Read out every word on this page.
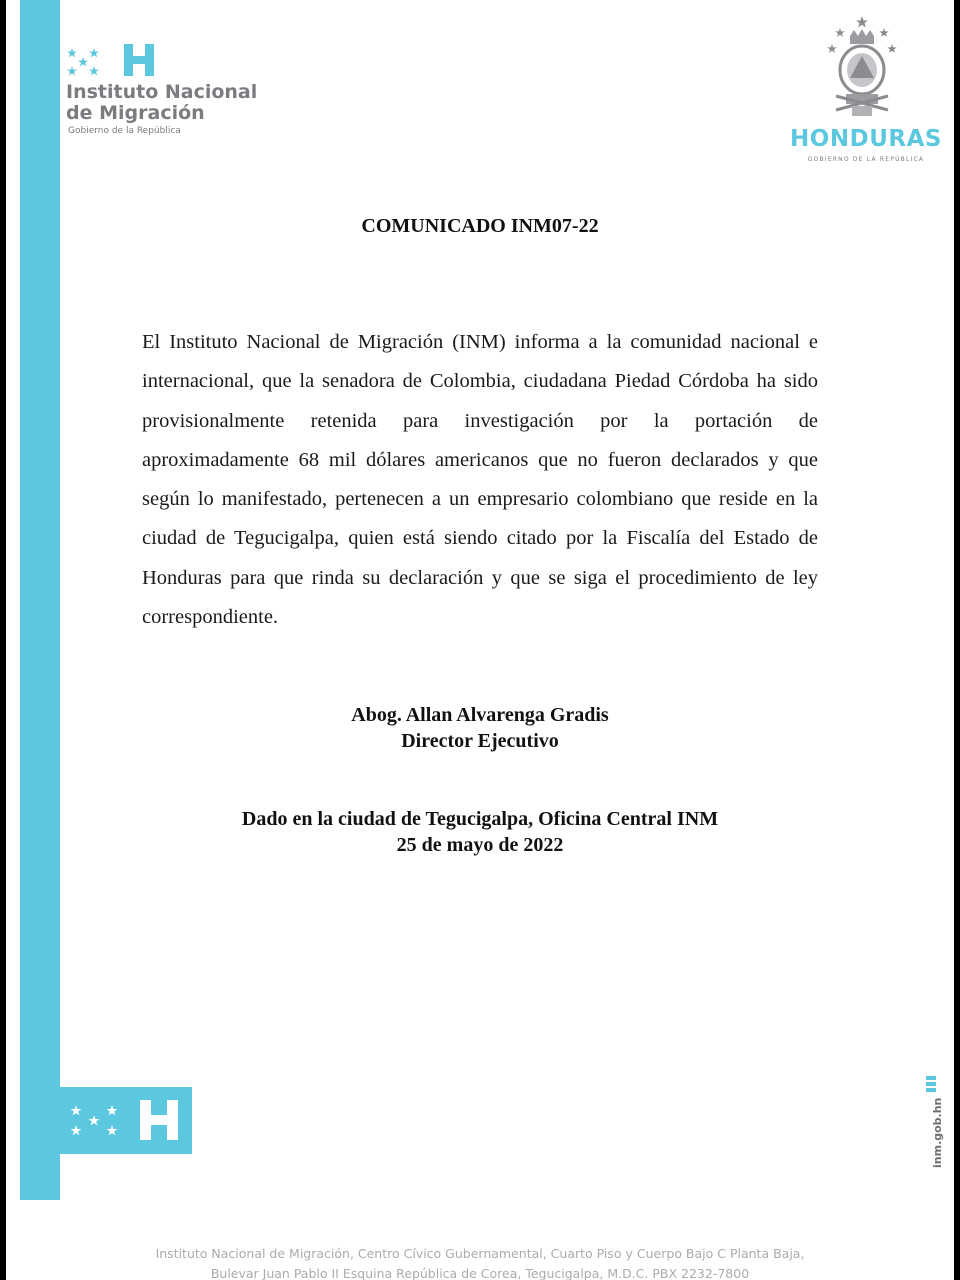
Instituto Nacional
de Migración
Gobierno de la República	HONDURAS
GOBIERNO DE LA REPÚBLICA
COMUNICADO INM07-22
El Instituto Nacional de Migración (INM) informa a la comunidad nacional e internacional, que la senadora de Colombia, ciudadana Piedad Córdoba ha sido provisionalmente retenida para investigación por la portación de aproximadamente 68 mil dólares americanos que no fueron declarados y que según lo manifestado, pertenecen a un empresario colombiano que reside en la ciudad de Tegucigalpa, quien está siendo citado por la Fiscalía del Estado de Honduras para que rinda su declaración y que se siga el procedimiento de ley correspondiente.
Abog. Allan Alvarenga Gradis
Director Ejecutivo
Dado en la ciudad de Tegucigalpa, Oficina Central INM
25 de mayo de 2022
inm.gob.hn
Instituto Nacional de Migración, Centro Cívico Gubernamental, Cuarto Piso y Cuerpo Bajo C Planta Baja,
Bulevar Juan Pablo II Esquina República de Corea, Tegucigalpa, M.D.C. PBX 2232-7800
